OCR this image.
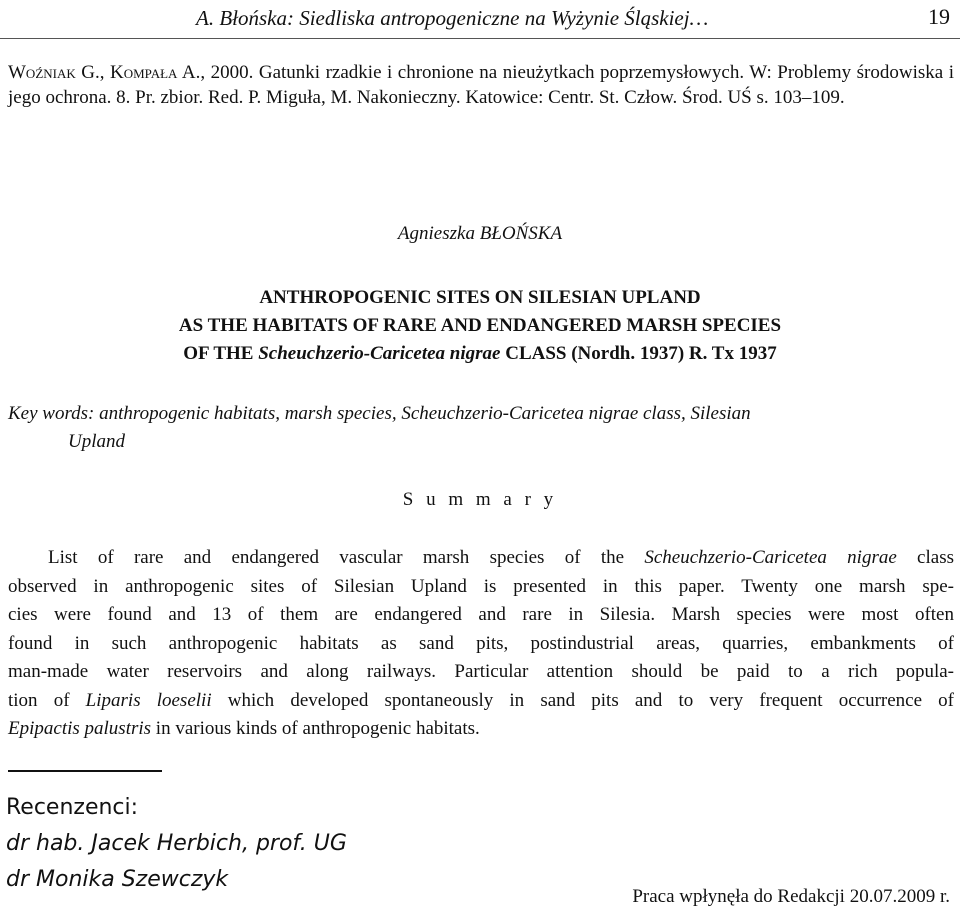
A. Błońska: Siedliska antropogeniczne na Wyżynie Śląskiej…	19
Woźniak G., Kompała A., 2000. Gatunki rzadkie i chronione na nieużytkach poprzemysłowych. W: Problemy środowiska i jego ochrona. 8. Pr. zbior. Red. P. Miguła, M. Nakonieczny. Katowice: Centr. St. Człow. Środ. UŚ s. 103–109.
Agnieszka BŁOŃSKA
ANTHROPOGENIC SITES ON SILESIAN UPLAND
AS THE HABITATS OF RARE AND ENDANGERED MARSH SPECIES
OF THE Scheuchzerio-Caricetea nigrae CLASS (Nordh. 1937) R. Tx 1937
Key words: anthropogenic habitats, marsh species, Scheuchzerio-Caricetea nigrae class, Silesian
Upland
S u m m a r y
List of rare and endangered vascular marsh species of the Scheuchzerio-Caricetea nigrae class
observed in anthropogenic sites of Silesian Upland is presented in this paper. Twenty one marsh spe-
cies were found and 13 of them are endangered and rare in Silesia. Marsh species were most often
found in such anthropogenic habitats as sand pits, postindustrial areas, quarries, embankments of
man-made water reservoirs and along railways. Particular attention should be paid to a rich popula-
tion of Liparis loeselii which developed spontaneously in sand pits and to very frequent occurrence of
Epipactis palustris in various kinds of anthropogenic habitats.
Recenzenci:
dr hab. Jacek Herbich, prof. UG
dr Monika Szewczyk
Praca wpłynęła do Redakcji 20.07.2009 r.
